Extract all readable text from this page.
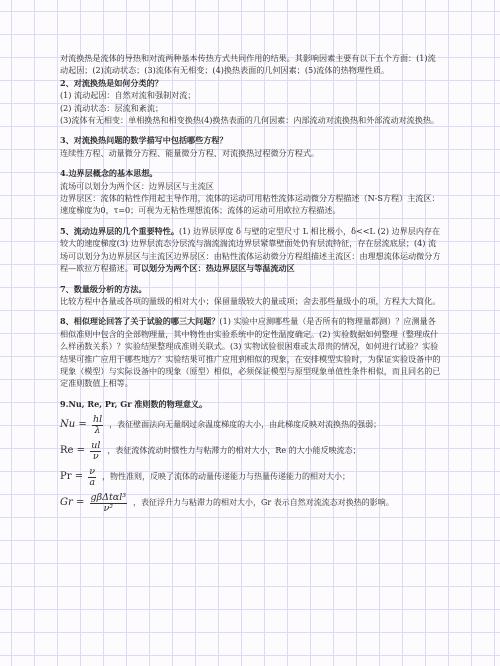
对流换热是流体的导热和对流两种基本传热方式共同作用的结果。其影响因素主要有以下五个方面：(1)流动起因；(2)流动状态；(3)流体有无相变；(4)换热表面的几何因素；(5)流体的热物理性质。

2、对流换热是如何分类的？

(1) 流动起因：自然对流和强制对流；

(2) 流动状态：层流和紊流；

(3)流体有无相变：单相换热和相变换热(4)换热表面的几何因素：内部流动对流换热和外部流动对流换热。

3、对流换热问题的数学描写中包括哪些方程？

连续性方程、动量微分方程、能量微分方程、对流换热过程微分方程式。

4.边界层概念的基本思想。

流场可以划分为两个区：边界层区与主流区

边界层区：流体的粘性作用起主导作用，流体的运动可用粘性流体运动微分方程描述（N-S方程）主流区：速度梯度为0，τ=0；可视为无粘性理想流体；流体的运动可用欧拉方程描述。

5、流动边界层的几个重要特性。(1) 边界层厚度 δ 与壁的定型尺寸 L 相比极小，δ<<L (2) 边界层内存在较大的速度梯度(3) 边界层流态分层流与湍流湍流边界层紧靠壁面处仍有层流特征，存在层流底层；(4) 流场可以划分为边界层区与主流区边界层区：由粘性流体运动微分方程组描述主流区：由理想流体运动微分方程—欧拉方程描述。可以划分为两个区：热边界层区与等温流动区

7、数量级分析的方法。

比较方程中各量或各项的量级的相对大小；保留量级较大的量或项；舍去那些量级小的项，方程大大简化。

8、相似理论回答了关于试验的哪三大问题？(1) 实验中应测哪些量（是否所有的物理量都测）？应测量各相似准则中包含的全部物理量，其中物性由实验系统中的定性温度确定。(2) 实验数据如何整理（整理成什么样函数关系）？实验结果整理成准则关联式。(3) 实物试验很困难或太昂贵的情况，如何进行试验？实验结果可推广应用于哪些地方？实验结果可推广应用到相似的现象，在安排模型实验时，为保证实验设备中的现象（模型）与实际设备中的现象（原型）相似，必须保证模型与原型现象单值性条件相似，而且同名的已定准则数值上相等。

9.Nu, Re, Pr, Gr 准则数的物理意义。

$Nu = \frac{hl}{\lambda}$ ，表征壁面法向无量纲过余温度梯度的大小，由此梯度反映对流换热的强弱；
$Re = \frac{ul}{\nu}$ ，表征流体流动时惯性力与粘滞力的相对大小，Re 的大小能反映流态；
$Pr = \frac{\nu}{a}$ ，物性准则，反映了流体的动量传递能力与热量传递能力的相对大小；
$Gr = \frac{\text{gβΔtαl³}}{\text{ν²}}$ ，表征浮升力与粘滞力的相对大小，Gr 表示自然对流流态对换热的影响。
